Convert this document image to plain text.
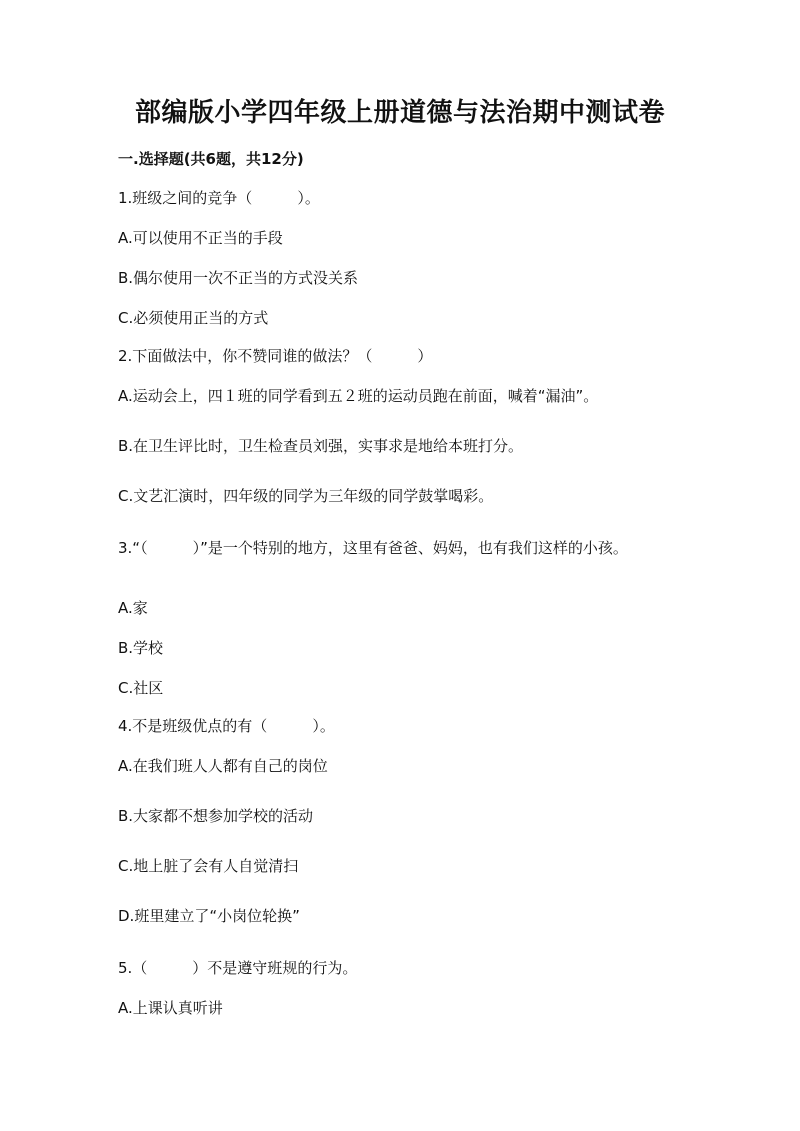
部编版小学四年级上册道德与法治期中测试卷
一.选择题(共6题，共12分)
1.班级之间的竞争（　　　）。
A.可以使用不正当的手段
B.偶尔使用一次不正当的方式没关系
C.必须使用正当的方式
2.下面做法中，你不赞同谁的做法？（　　　）
A.运动会上，四１班的同学看到五２班的运动员跑在前面，喊着“漏油”。
B.在卫生评比时，卫生检查员刘强，实事求是地给本班打分。
C.文艺汇演时，四年级的同学为三年级的同学鼓掌喝彩。
3.“（　　　）”是一个特别的地方，这里有爸爸、妈妈，也有我们这样的小孩。
A.家
B.学校
C.社区
4.不是班级优点的有（　　　）。
A.在我们班人人都有自己的岗位
B.大家都不想参加学校的活动
C.地上脏了会有人自觉清扫
D.班里建立了“小岗位轮换”
5.（　　　）不是遵守班规的行为。
A.上课认真听讲
